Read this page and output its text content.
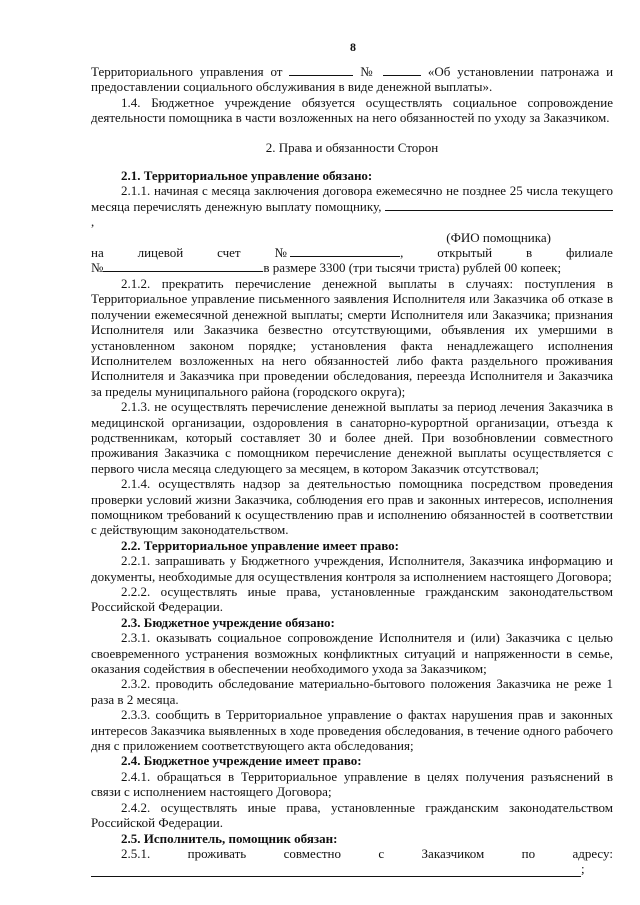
8

Территориального управления от	№	«Об установлении патронажа и предоставлении социального обслуживания в виде денежной выплаты».

1.4. Бюджетное учреждение обязуется осуществлять социальное сопровождение деятельности помощника в части возложенных на него обязанностей по уходу за Заказчиком.

2. Права и обязанности Сторон

2.1. Территориальное управление обязано:

2.1.1. начиная с месяца заключения договора ежемесячно не позднее 25 числа текущего месяца перечислять денежную выплату помощнику, ,

(ФИО помощника)
на	лицевой	счет	№	,	открытый	в	филиале

№	в размере 3300 (три тысячи триста) рублей 00 копеек;

2.1.2. прекратить перечисление денежной выплаты в случаях: поступления в Территориальное управление письменного заявления Исполнителя или Заказчика об отказе в получении ежемесячной денежной выплаты; смерти Исполнителя или Заказчика; признания Исполнителя или Заказчика безвестно отсутствующими, объявления их умершими в установленном законом порядке; установления факта ненадлежащего исполнения Исполнителем возложенных на него обязанностей либо факта раздельного проживания Исполнителя и Заказчика при проведении обследования, переезда Исполнителя и Заказчика за пределы муниципального района (городского округа);

2.1.3. не осуществлять перечисление денежной выплаты за период лечения Заказчика в медицинской организации, оздоровления в санаторно-курортной организации, отъезда к родственникам, который составляет 30 и более дней. При возобновлении совместного проживания Заказчика с помощником перечисление денежной выплаты осуществляется с первого числа месяца следующего за месяцем, в котором Заказчик отсутствовал;

2.1.4. осуществлять надзор за деятельностью помощника посредством проведения проверки условий жизни Заказчика, соблюдения его прав и законных интересов, исполнения помощником требований к осуществлению прав и исполнению обязанностей в соответствии с действующим законодательством.

2.2. Территориальное управление имеет право:

2.2.1. запрашивать у Бюджетного учреждения, Исполнителя, Заказчика информацию и документы, необходимые для осуществления контроля за исполнением настоящего Договора;

2.2.2. осуществлять иные права, установленные гражданским законодательством Российской Федерации.

2.3. Бюджетное учреждение обязано:

2.3.1. оказывать социальное сопровождение Исполнителя и (или) Заказчика с целью своевременного устранения возможных конфликтных ситуаций и напряженности в семье, оказания содействия в обеспечении необходимого ухода за Заказчиком;

2.3.2. проводить обследование материально-бытового положения Заказчика не реже 1 раза в 2 месяца.

2.3.3. сообщить в Территориальное управление о фактах нарушения прав и законных интересов Заказчика выявленных в ходе проведения обследования, в течение одного рабочего дня с приложением соответствующего акта обследования;

2.4. Бюджетное учреждение имеет право:

2.4.1. обращаться в Территориальное управление в целях получения разъяснений в связи с исполнением настоящего Договора;

2.4.2. осуществлять иные права, установленные гражданским законодательством Российской Федерации.

2.5. Исполнитель, помощник обязан:

2.5.1.	проживать	совместно	с	Заказчиком	по	адресу:
;
